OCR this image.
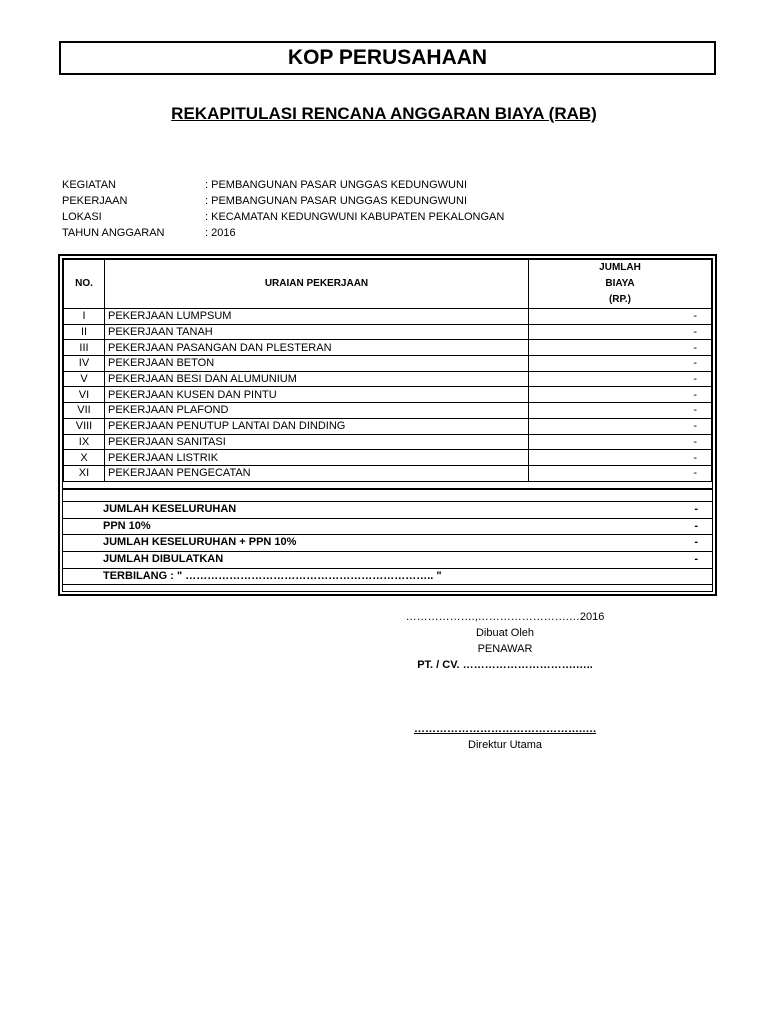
KOP PERUSAHAAN
REKAPITULASI RENCANA ANGGARAN BIAYA (RAB)
KEGIATAN	: PEMBANGUNAN PASAR UNGGAS KEDUNGWUNI
PEKERJAAN	: PEMBANGUNAN PASAR UNGGAS KEDUNGWUNI
LOKASI	: KECAMATAN KEDUNGWUNI KABUPATEN PEKALONGAN
TAHUN ANGGARAN	: 2016
NO.	URAIAN PEKERJAAN	JUMLAH
BIAYA
(RP.)

I	PEKERJAAN LUMPSUM	-
II	PEKERJAAN TANAH	-
III	PEKERJAAN PASANGAN DAN PLESTERAN	-
IV	PEKERJAAN BETON	-
V	PEKERJAAN BESI DAN ALUMUNIUM	-
VI	PEKERJAAN KUSEN DAN PINTU	-
VII	PEKERJAAN PLAFOND	-
VIII	PEKERJAAN PENUTUP LANTAI DAN DINDING	-
IX	PEKERJAAN SANITASI	-
X	PEKERJAAN LISTRIK	-
XI	PEKERJAAN PENGECATAN	-
JUMLAH KESELURUHAN	-
PPN 10%	-
JUMLAH KESELURUHAN + PPN 10%	-
JUMLAH DIBULATKAN	-
TERBILANG : " ………………………………………………………….. "
……………….,…………………….…2016
Dibuat Oleh
PENAWAR
PT. / CV. ………………………….…..
……………………………………….….
Direktur Utama
